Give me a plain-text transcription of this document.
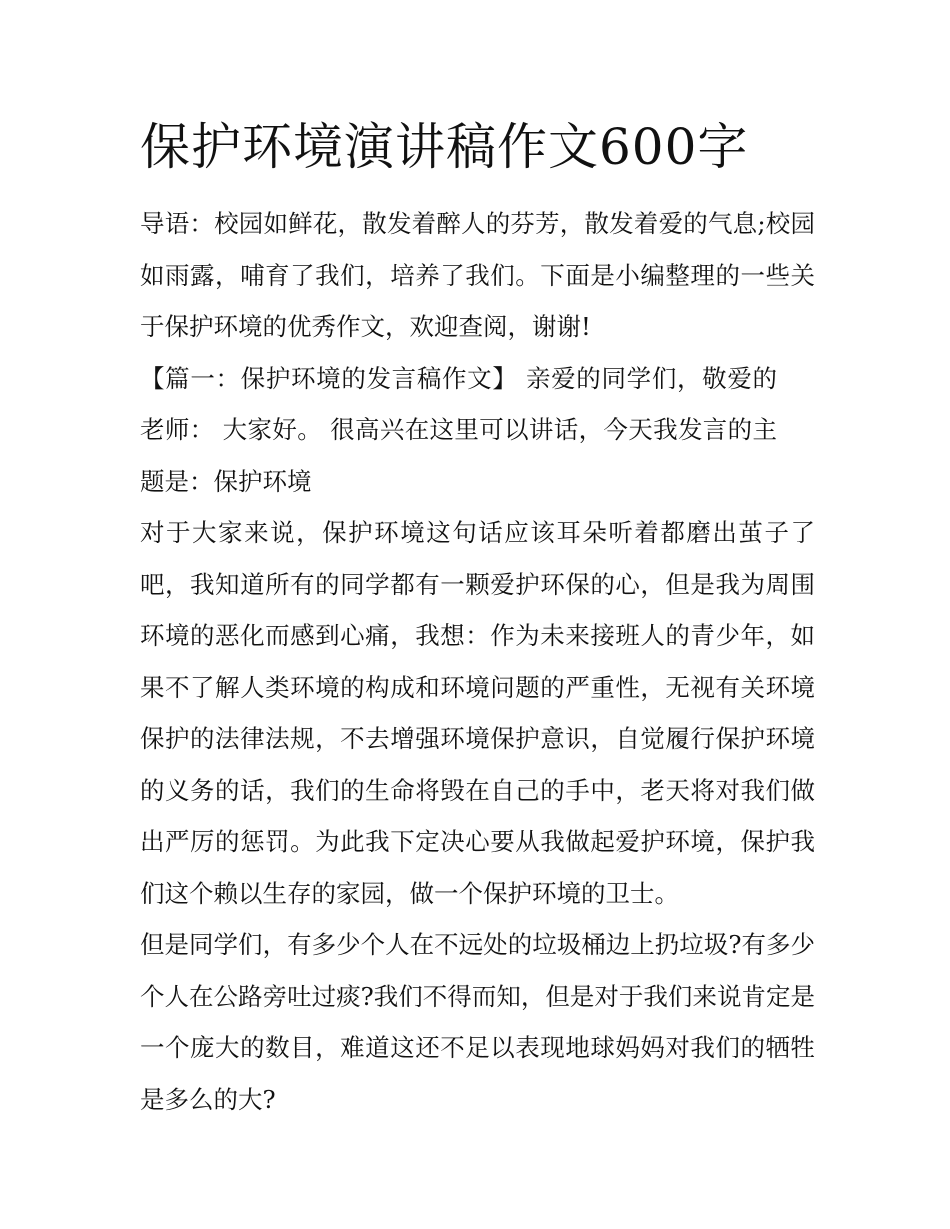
保护环境演讲稿作文600字

导语：校园如鲜花，散发着醉人的芬芳，散发着爱的气息;校园如雨露，哺育了我们，培养了我们。下面是小编整理的一些关于保护环境的优秀作文，欢迎查阅，谢谢!

【篇一：保护环境的发言稿作文】 亲爱的同学们，敬爱的老师： 大家好。 很高兴在这里可以讲话，今天我发言的主题是：保护环境

对于大家来说，保护环境这句话应该耳朵听着都磨出茧子了吧，我知道所有的同学都有一颗爱护环保的心，但是我为周围环境的恶化而感到心痛，我想：作为未来接班人的青少年，如果不了解人类环境的构成和环境问题的严重性，无视有关环境保护的法律法规，不去增强环境保护意识，自觉履行保护环境的义务的话，我们的生命将毁在自己的手中，老天将对我们做出严厉的惩罚。为此我下定决心要从我做起爱护环境，保护我们这个赖以生存的家园，做一个保护环境的卫士。

但是同学们，有多少个人在不远处的垃圾桶边上扔垃圾?有多少个人在公路旁吐过痰?我们不得而知，但是对于我们来说肯定是一个庞大的数目，难道这还不足以表现地球妈妈对我们的牺牲是多么的大?
